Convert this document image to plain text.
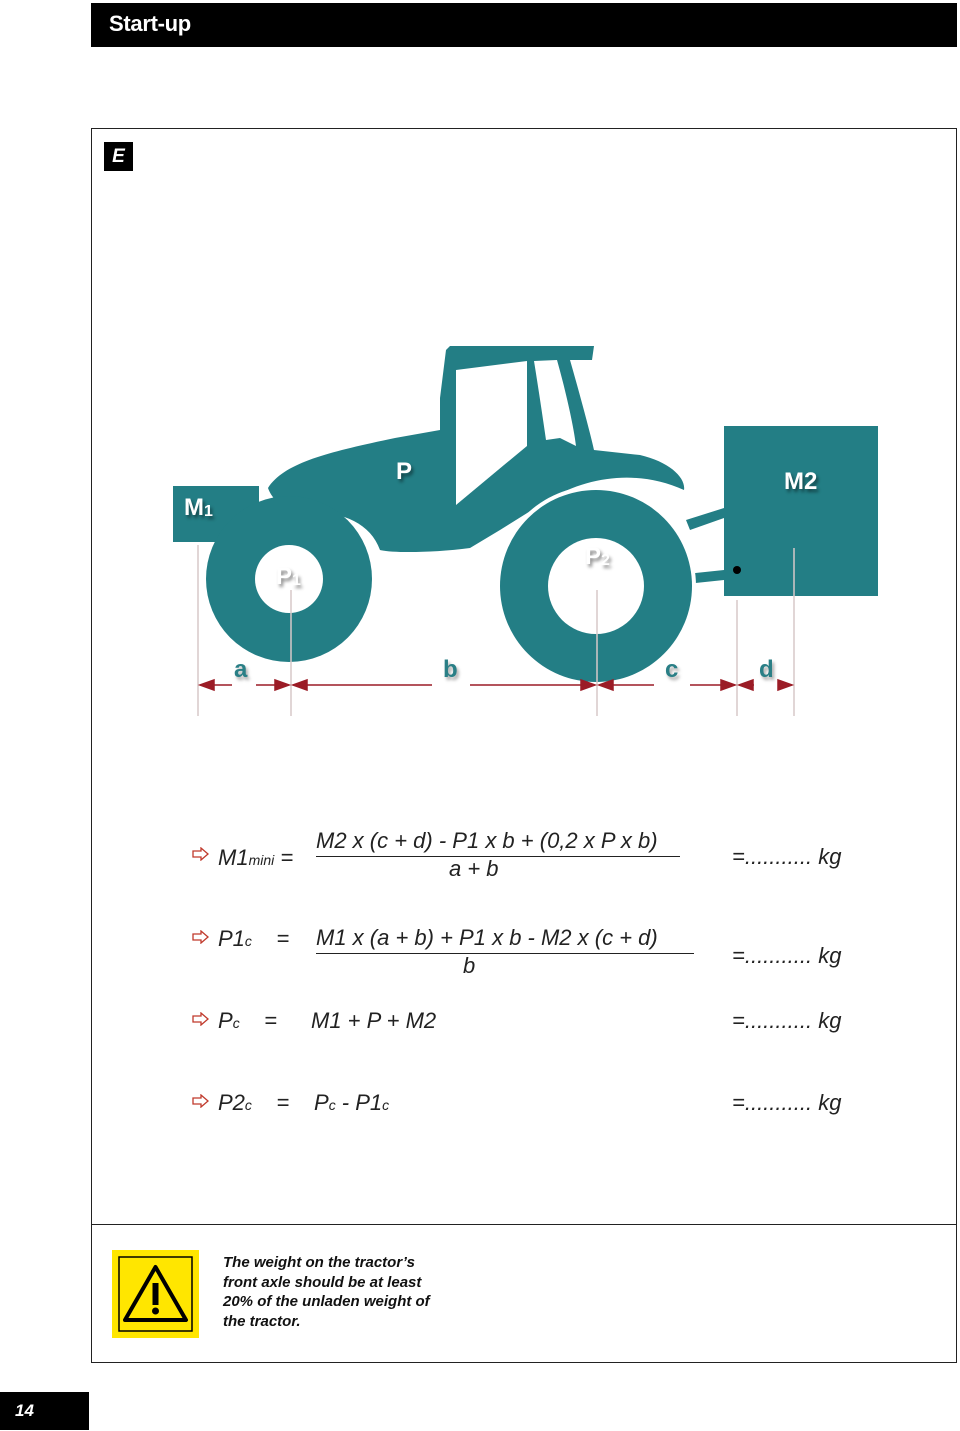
Start-up
E
$M_1$
P	M2
$P_1$
$P_2$
a	b	c	d
M1mini =
M2 x (c + d) - P1 x b + (0,2 x P x b)
a + b	=........... kg
P1c = M1 x (a + b) + P1 x b - M2 x (c + d)
b	=........... kg
Pc = M1 + P + M2	=........... kg
P2c = Pc - P1c	=........... kg
The weight on the tractor’s front axle should be at least 20% of the unladen weight of the tractor.
14
